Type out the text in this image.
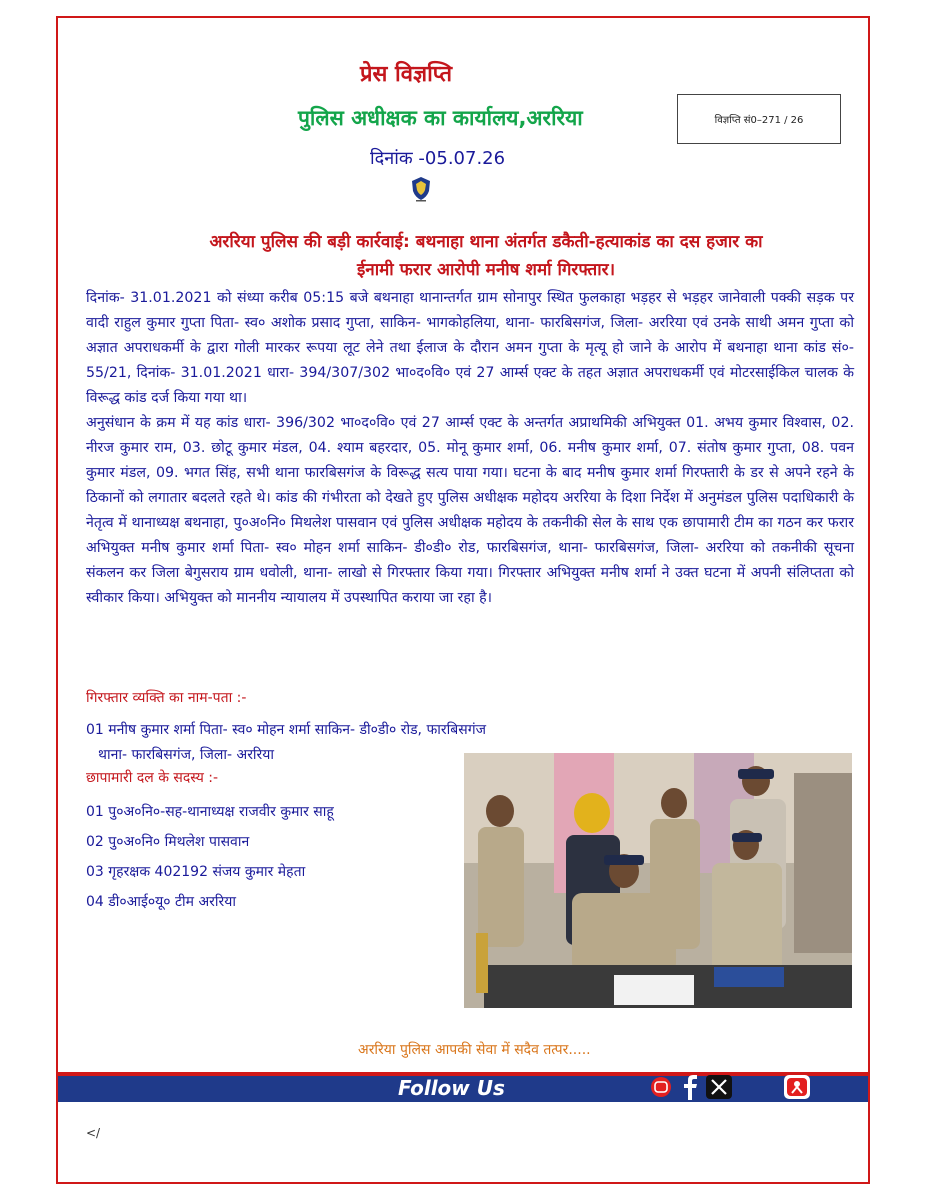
प्रेस विज्ञप्ति
पुलिस अधीक्षक का कार्यालय,अररिया	विज्ञप्ति सं0–271 / 26
दिनांक -05.07.26
अररिया पुलिस की बड़ी कार्रवाई: बथनाहा थाना अंतर्गत डकैती-हत्याकांड का दस हजार का
ईनामी फरार आरोपी मनीष शर्मा गिरफ्तार।

दिनांक- 31.01.2021 को संध्या करीब 05:15 बजे बथनाहा थानान्तर्गत ग्राम सोनापुर स्थित फुलकाहा भड़हर से भड़हर जानेवाली पक्की सड़क पर वादी राहुल कुमार गुप्ता पिता- स्व० अशोक प्रसाद गुप्ता, साकिन- भागकोहलिया, थाना- फारबिसगंज, जिला- अररिया एवं उनके साथी अमन गुप्ता को अज्ञात अपराधकर्मी के द्वारा गोली मारकर रूपया लूट लेने तथा ईलाज के दौरान अमन गुप्ता के मृत्यू हो जाने के आरोप में बथनाहा थाना कांड सं०- 55/21, दिनांक- 31.01.2021 धारा- 394/307/302 भा०द०वि० एवं 27 आर्म्स एक्ट के तहत अज्ञात अपराधकर्मी एवं मोटरसाईकिल चालक के विरूद्ध कांड दर्ज किया गया था।

अनुसंधान के क्रम में यह कांड धारा- 396/302 भा०द०वि० एवं 27 आर्म्स एक्ट के अन्तर्गत अप्राथमिकी अभियुक्त 01. अभय कुमार विश्वास, 02. नीरज कुमार राम, 03. छोटू कुमार मंडल, 04. श्याम बहरदार, 05. मोनू कुमार शर्मा, 06. मनीष कुमार शर्मा, 07. संतोष कुमार गुप्ता, 08. पवन कुमार मंडल, 09. भगत सिंह, सभी थाना फारबिसगंज के विरूद्ध सत्य पाया गया। घटना के बाद मनीष कुमार शर्मा गिरफ्तारी के डर से अपने रहने के ठिकानों को लगातार बदलते रहते थे। कांड की गंभीरता को देखते हुए पुलिस अधीक्षक महोदय अररिया के दिशा निर्देश में अनुमंडल पुलिस पदाधिकारी के नेतृत्व में थानाध्यक्ष बथनाहा, पु०अ०नि० मिथलेश पासवान एवं पुलिस अधीक्षक महोदय के तकनीकी सेल के साथ एक छापामारी टीम का गठन कर फरार अभियुक्त मनीष कुमार शर्मा पिता- स्व० मोहन शर्मा साकिन- डी०डी० रोड, फारबिसगंज, थाना- फारबिसगंज, जिला- अररिया को तकनीकी सूचना संकलन कर जिला बेगुसराय ग्राम धवोली, थाना- लाखो से गिरफ्तार किया गया। गिरफ्तार अभियुक्त मनीष शर्मा ने उक्त घटना में अपनी संलिप्तता को स्वीकार किया। अभियुक्त को माननीय न्यायालय में उपस्थापित कराया जा रहा है।

गिरफ्तार व्यक्ति का नाम-पता :-
01 मनीष कुमार शर्मा पिता- स्व० मोहन शर्मा साकिन- डी०डी० रोड, फारबिसगंज
थाना- फारबिसगंज, जिला- अररिया
छापामारी दल के सदस्य :-
01 पु०अ०नि०-सह-थानाध्यक्ष राजवीर कुमार साहू
02 पु०अ०नि० मिथलेश पासवान
03 गृहरक्षक 402192 संजय कुमार मेहता
04 डी०आई०यू० टीम अररिया
अररिया पुलिस आपकी सेवा में सदैव तत्पर.....
Follow Us
</
